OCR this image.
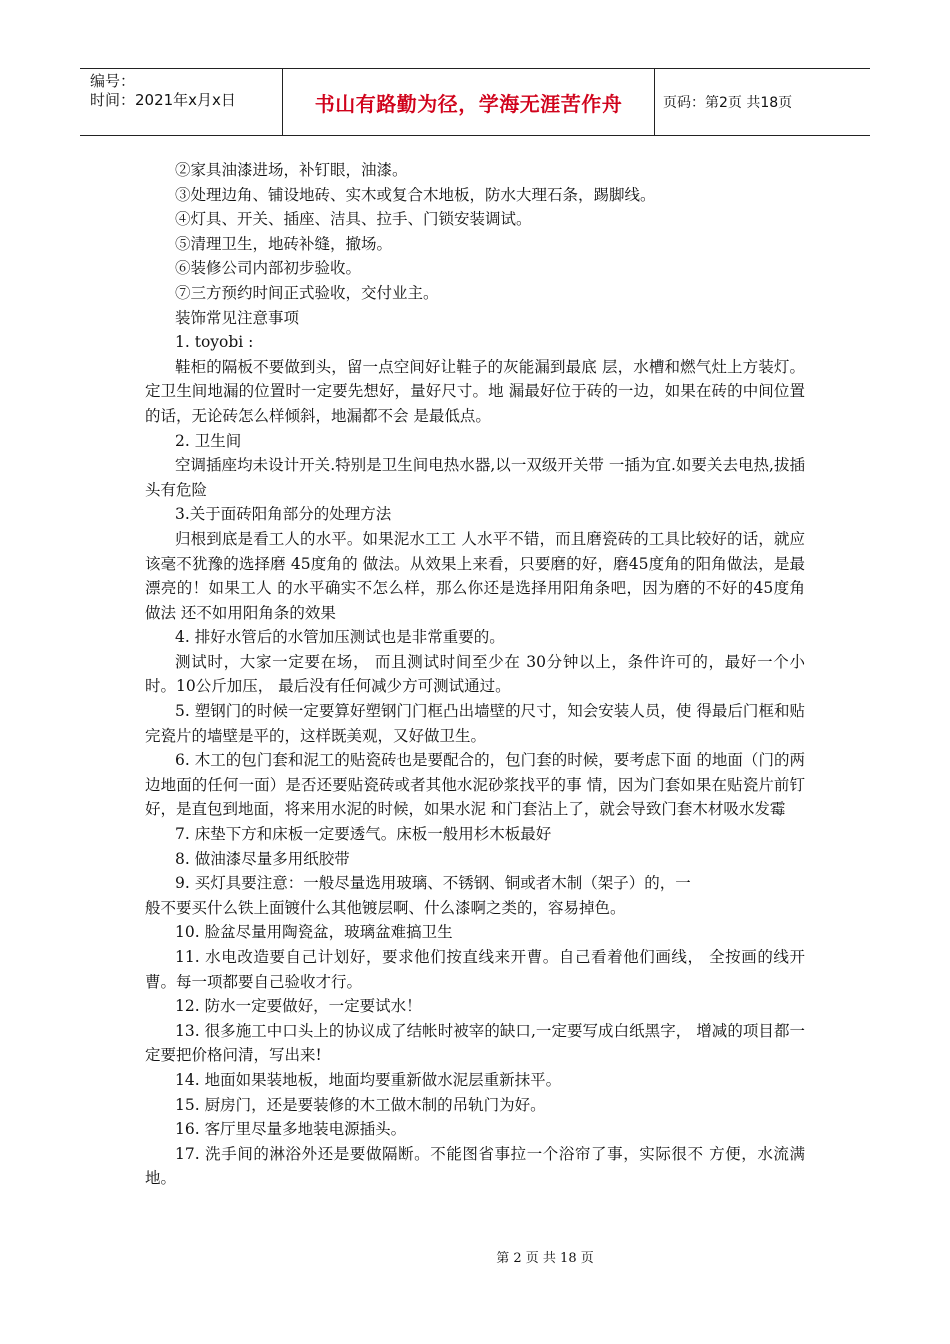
编号：
时间：2021年x月x日	书山有路勤为径，学海无涯苦作舟	页码：第2页 共18页

②家具油漆进场，补钉眼，油漆。

③处理边角、铺设地砖、实木或复合木地板，防水大理石条，踢脚线。

④灯具、开关、插座、洁具、拉手、门锁安装调试。

⑤清理卫生，地砖补缝，撤场。

⑥装修公司内部初步验收。

⑦三方预约时间正式验收，交付业主。

装饰常见注意事项

1. toyobi :

鞋柜的隔板不要做到头，留一点空间好让鞋子的灰能漏到最底 层，水槽和燃气灶上方装灯。定卫生间地漏的位置时一定要先想好，量好尺寸。地 漏最好位于砖的一边，如果在砖的中间位置的话，无论砖怎么样倾斜，地漏都不会 是最低点。

2. 卫生间

空调插座均未设计开关.特别是卫生间电热水器,以一双级开关带 一插为宜.如要关去电热,拔插头有危险

3.关于面砖阳角部分的处理方法

归根到底是看工人的水平。如果泥水工工 人水平不错，而且磨瓷砖的工具比较好的话，就应该毫不犹豫的选择磨 45度角的 做法。从效果上来看，只要磨的好，磨45度角的阳角做法，是最漂亮的！如果工人 的水平确实不怎么样，那么你还是选择用阳角条吧，因为磨的不好的45度角做法 还不如用阳角条的效果

4. 排好水管后的水管加压测试也是非常重要的。

测试时，大家一定要在场， 而且测试时间至少在 30分钟以上，条件许可的，最好一个小时。10公斤加压， 最后没有任何减少方可测试通过。

5. 塑钢门的时候一定要算好塑钢门门框凸出墙壁的尺寸，知会安装人员，使 得最后门框和贴完瓷片的墙壁是平的，这样既美观，又好做卫生。

6. 木工的包门套和泥工的贴瓷砖也是要配合的，包门套的时候，要考虑下面 的地面（门的两边地面的任何一面）是否还要贴瓷砖或者其他水泥砂浆找平的事 情，因为门套如果在贴瓷片前钉好，是直包到地面，将来用水泥的时候，如果水泥 和门套沾上了，就会导致门套木材吸水发霉

7. 床垫下方和床板一定要透气。床板一般用杉木板最好

8. 做油漆尽量多用纸胶带

9. 买灯具要注意：一般尽量选用玻璃、不锈钢、铜或者木制（架子）的，一

般不要买什么铁上面镀什么其他镀层啊、什么漆啊之类的，容易掉色。

10. 脸盆尽量用陶瓷盆，玻璃盆难搞卫生

11. 水电改造要自己计划好，要求他们按直线来开曹。自己看着他们画线， 全按画的线开曹。每一项都要自己验收才行。

12. 防水一定要做好，一定要试水！

13. 很多施工中口头上的协议成了结帐时被宰的缺口,一定要写成白纸黑字， 增减的项目都一定要把价格问清，写出来!

14. 地面如果装地板，地面均要重新做水泥层重新抹平。

15. 厨房门，还是要装修的木工做木制的吊轨门为好。

16. 客厅里尽量多地装电源插头。

17. 洗手间的淋浴外还是要做隔断。不能图省事拉一个浴帘了事，实际很不 方便，水流满地。

第 2 页 共 18 页
